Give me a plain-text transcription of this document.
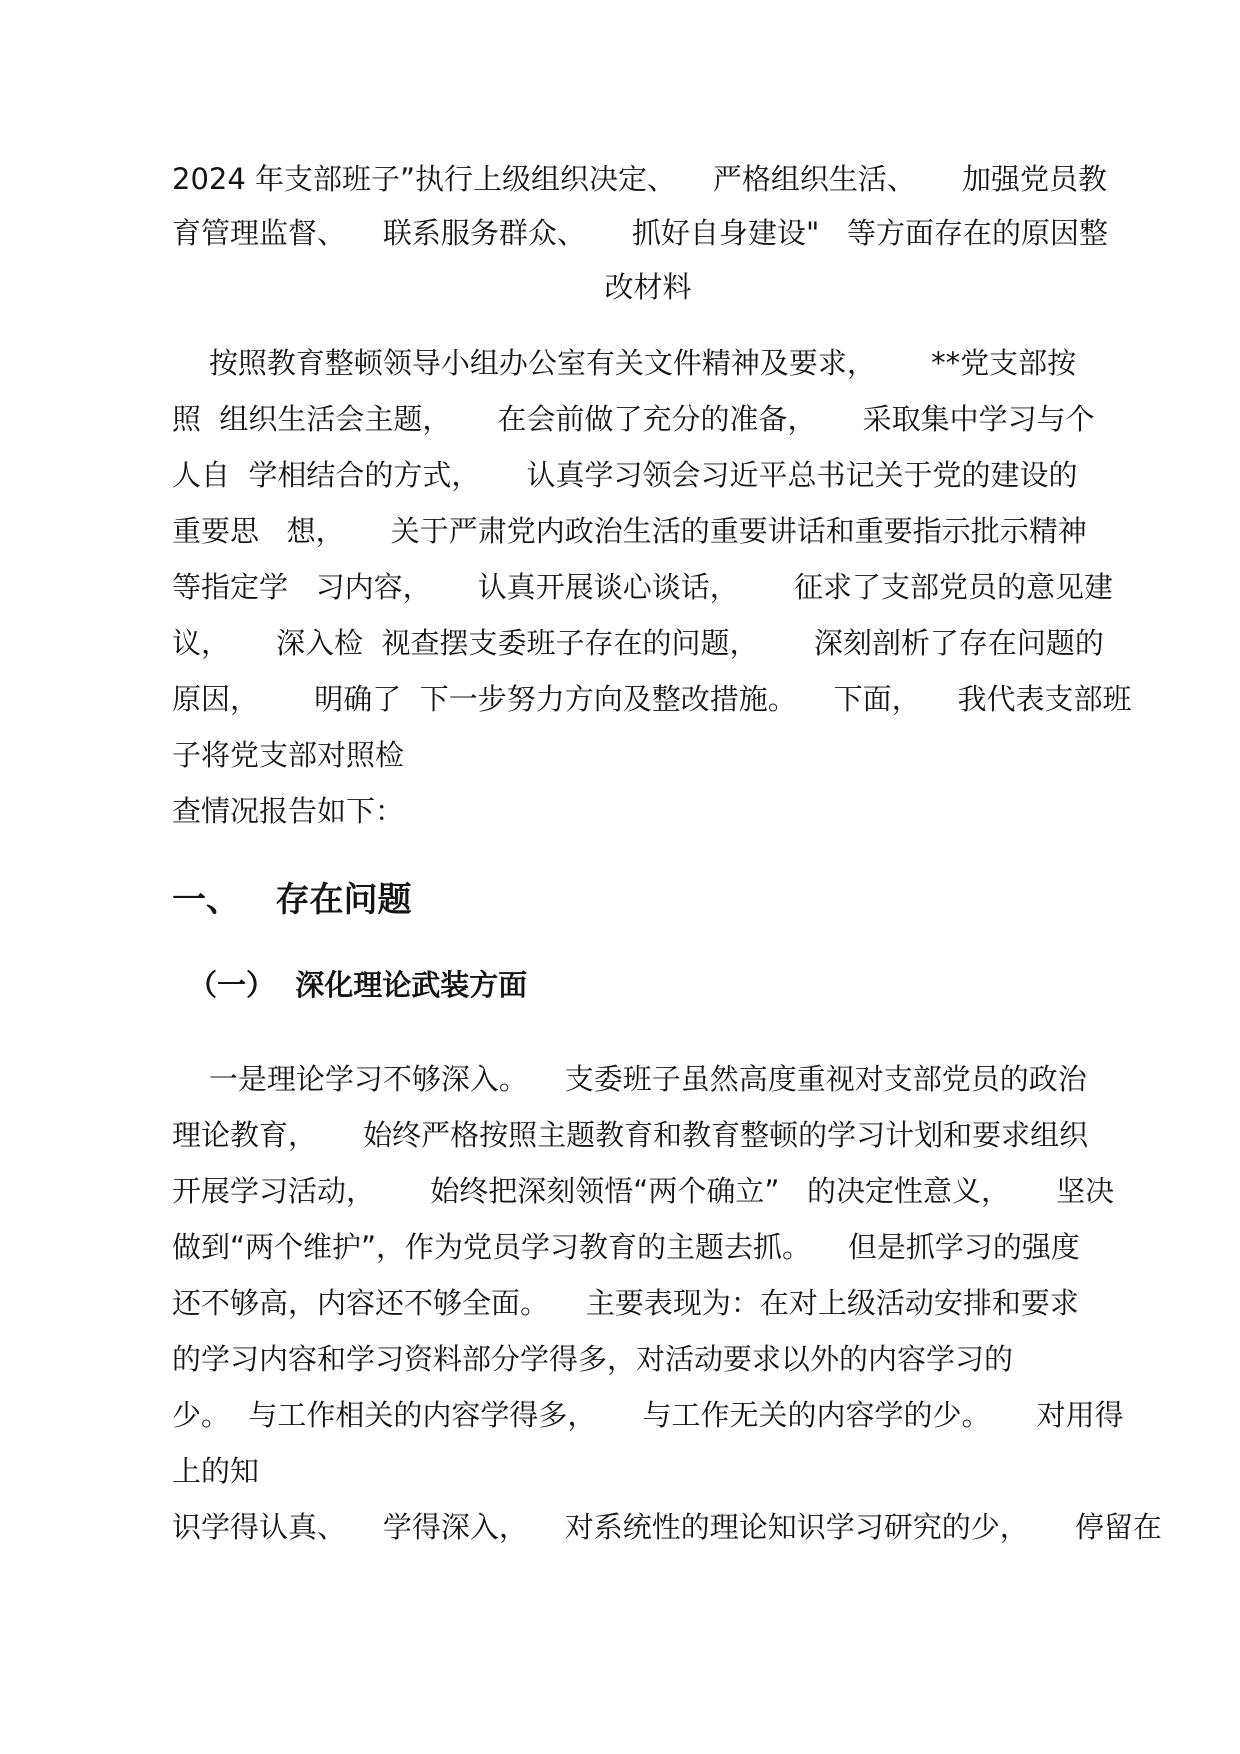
2024 年支部班子”执行上级组织决定、    严格组织生活、     加强党员教
育管理监督、    联系服务群众、     抓好自身建设"   等方面存在的原因整
改材料
按照教育整顿领导小组办公室有关文件精神及要求，      **党支部按
照  组织生活会主题，     在会前做了充分的准备，     采取集中学习与个
人自  学相结合的方式，     认真学习领会习近平总书记关于党的建设的
重要思   想，     关于严肃党内政治生活的重要讲话和重要指示批示精神
等指定学   习内容，     认真开展谈心谈话，      征求了支部党员的意见建
议，     深入检  视查摆支委班子存在的问题，      深刻剖析了存在问题的
原因，      明确了  下一步努力方向及整改措施。    下面，    我代表支部班
子将党支部对照检
查情况报告如下：
一、   存在问题
（一）  深化理论武装方面
一是理论学习不够深入。    支委班子虽然高度重视对支部党员的政治
理论教育，     始终严格按照主题教育和教育整顿的学习计划和要求组织
开展学习活动，      始终把深刻领悟“两个确立”   的决定性意义，     坚决
做到“两个维护”，作为党员学习教育的主题去抓。    但是抓学习的强度
还不够高，内容还不够全面。    主要表现为：在对上级活动安排和要求
的学习内容和学习资料部分学得多，对活动要求以外的内容学习的
少。  与工作相关的内容学得多，     与工作无关的内容学的少。     对用得
上的知
识学得认真、    学得深入，    对系统性的理论知识学习研究的少，     停留在
